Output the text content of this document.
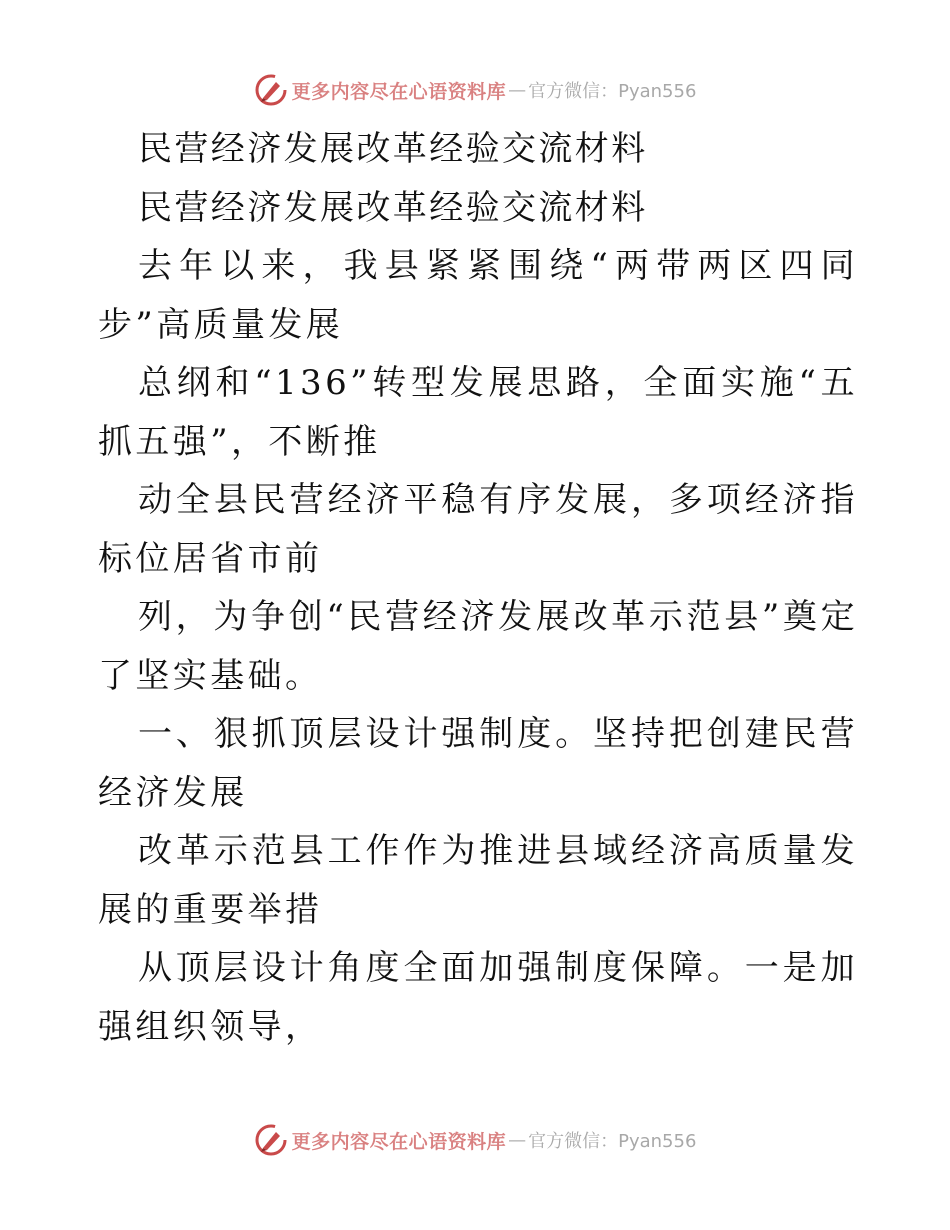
更多内容尽在心语资料库 — 官方微信：Pyan556

民营经济发展改革经验交流材料

民营经济发展改革经验交流材料

去年以来，我县紧紧围绕“两带两区四同步”高质量发展

总纲和“136”转型发展思路，全面实施“五抓五强”，不断推

动全县民营经济平稳有序发展，多项经济指标位居省市前

列，为争创“民营经济发展改革示范县”奠定了坚实基础。

一、狠抓顶层设计强制度。坚持把创建民营经济发展

改革示范县工作作为推进县域经济高质量发展的重要举措

从顶层设计角度全面加强制度保障。一是加强组织领导，

更多内容尽在心语资料库 — 官方微信：Pyan556
